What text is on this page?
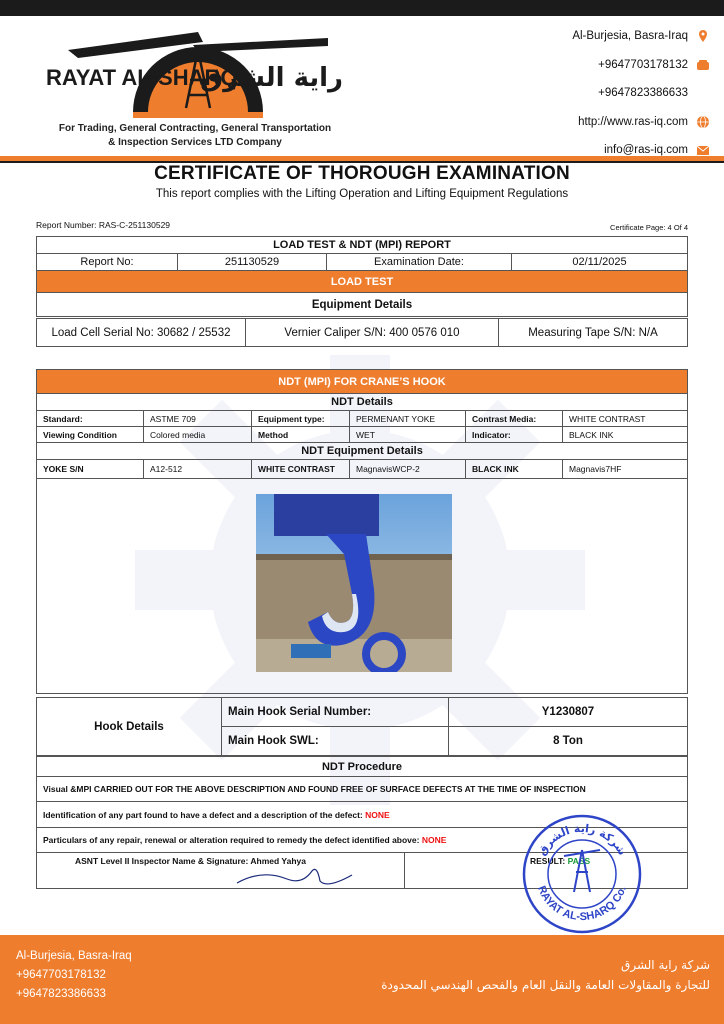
RAYAT AL-SHARQ
راية الشرق
For Trading, General Contracting, General Transportation
& Inspection Services LTD Company
Al-Burjesia, Basra-Iraq
+9647703178132
+9647823386633
http://www.ras-iq.com
info@ras-iq.com
CERTIFICATE OF THOROUGH EXAMINATION
This report complies with the Lifting Operation and Lifting Equipment Regulations
Report Number: RAS-C-251130529	Certificate Page: 4 Of 4
LOAD TEST & NDT (MPI) REPORT
Report No:	251130529	Examination Date:	02/11/2025
LOAD TEST
Equipment Details
Load Cell Serial No: 30682 / 25532	Vernier Caliper S/N: 400 0576 010	Measuring Tape S/N: N/A
NDT (MPI) FOR CRANE’S HOOK					
NDT Details					
Standard:	ASTME 709	Equipment type:	PERMENANT YOKE	Contrast Media:	WHITE CONTRAST
Viewing Condition	Colored media	Method	WET	Indicator:	BLACK INK
NDT Equipment Details					
YOKE S/N	A12-512	WHITE CONTRAST	MagnavisWCP-2	BLACK INK	Magnavis7HF

Hook Details	Main Hook Serial Number:	Y1230807
	Main Hook SWL:	8 Ton
NDT Procedure
Visual &MPI CARRIED OUT FOR THE ABOVE DESCRIPTION AND FOUND FREE OF SURFACE DEFECTS AT THE TIME OF INSPECTION
Identification of any part found to have a defect and a description of the defect: NONE
Particulars of any repair, renewal or alteration required to remedy the defect identified above: NONE
ASNT Level II Inspector Name & Signature: Ahmed Yahya	RESULT: PASS
شركة راية الشرق
RAYAT AL-SHARQ Co.
Al-Burjesia, Basra-Iraq
+9647703178132
+9647823386633
شركة راية الشرق
للتجارة والمقاولات العامة والنقل العام والفحص الهندسي المحدودة
